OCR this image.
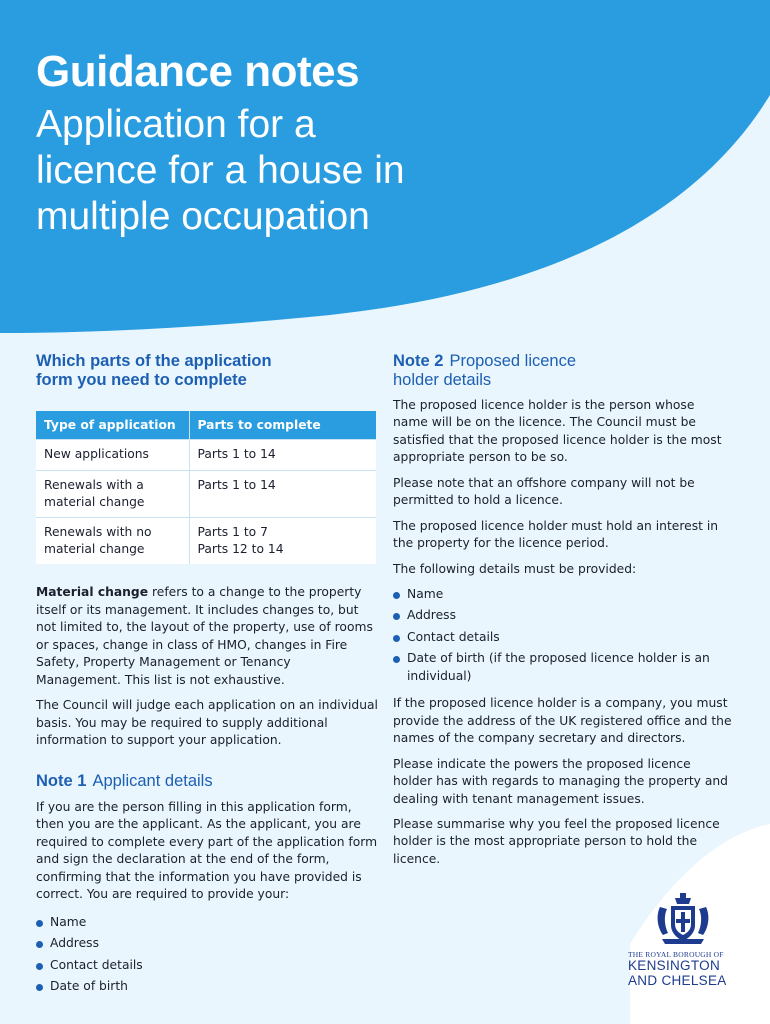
Guidance notes
Application for a
licence for a house in
multiple occupation
Which parts of the application
form you need to complete
Type of application	Parts to complete

New applications	Parts 1 to 14

Renewals with a
material change	Parts 1 to 14

Renewals with no
material change	Parts 1 to 7
Parts 12 to 14

Material change refers to a change to the property itself or its management. It includes changes to, but not limited to, the layout of the property, use of rooms or spaces, change in class of HMO, changes in Fire Safety, Property Management or Tenancy Management. This list is not exhaustive.

The Council will judge each application on an individual basis. You may be required to supply additional information to support your application.

Note 1 Applicant details

If you are the person filling in this application form, then you are the applicant. As the applicant, you are required to complete every part of the application form and sign the declaration at the end of the form, confirming that the information you have provided is correct. You are required to provide your:

Name
Address
Contact details
Date of birth
Note 2 Proposed licence
holder details

The proposed licence holder is the person whose name will be on the licence. The Council must be satisfied that the proposed licence holder is the most appropriate person to be so.

Please note that an offshore company will not be permitted to hold a licence.

The proposed licence holder must hold an interest in the property for the licence period.

The following details must be provided:

Name
Address
Contact details
Date of birth (if the proposed licence holder is an individual)

If the proposed licence holder is a company, you must provide the address of the UK registered office and the names of the company secretary and directors.

Please indicate the powers the proposed licence holder has with regards to managing the property and dealing with tenant management issues.

Please summarise why you feel the proposed licence holder is the most appropriate person to hold the licence.

THE ROYAL BOROUGH OF
KENSINGTON
AND CHELSEA
